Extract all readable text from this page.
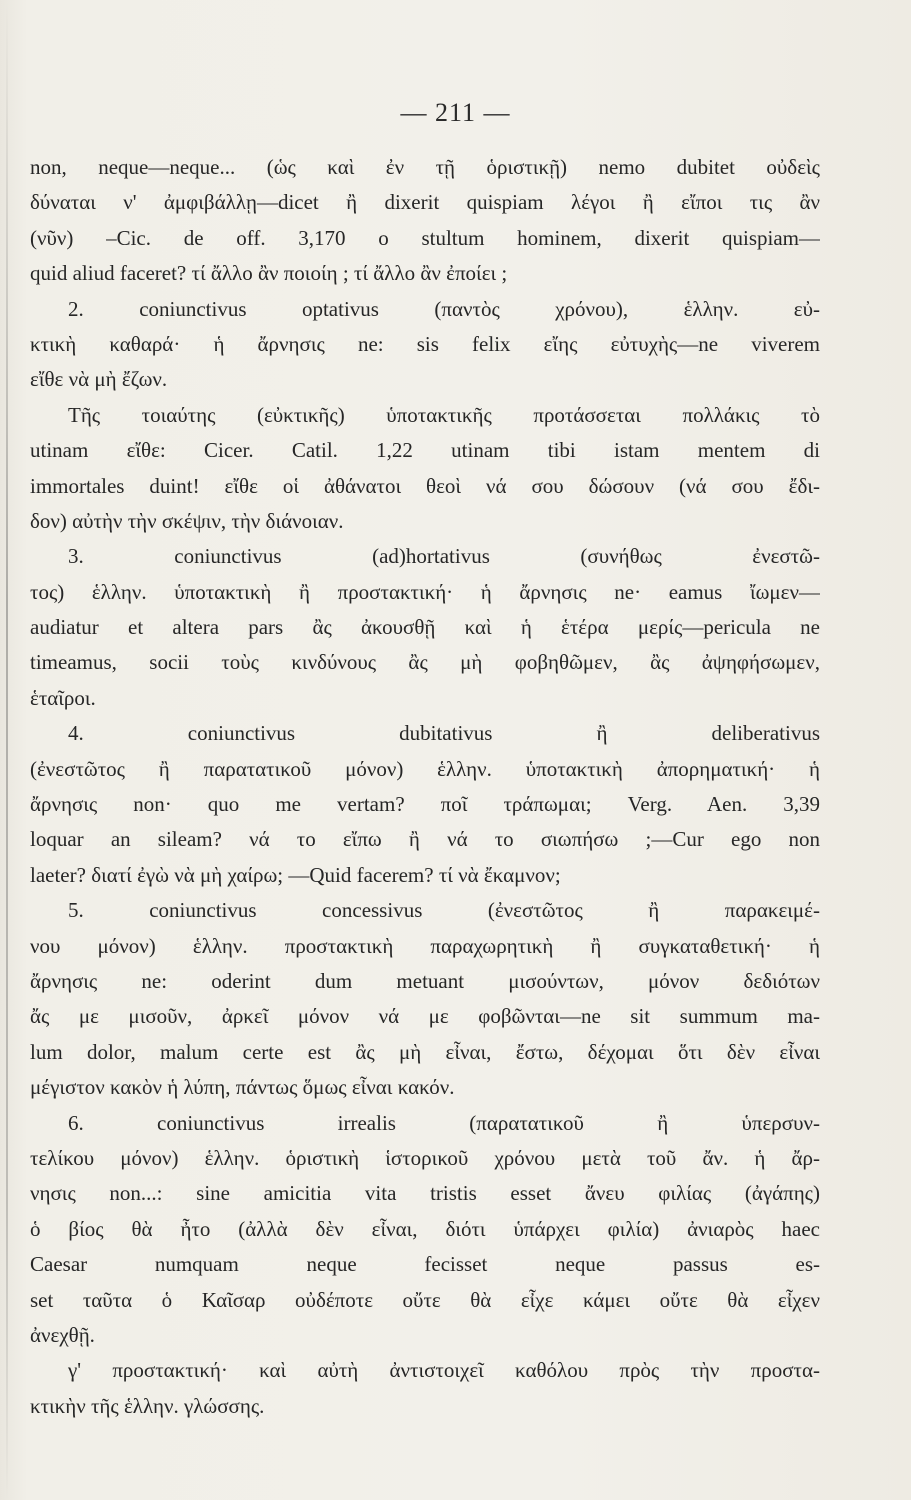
— 211 —
non, neque—neque... (ὡς καὶ ἐν τῇ ὁριστικῇ) nemo dubitet οὐδεὶς
δύναται ν' ἀμφιβάλλῃ—dicet ἢ dixerit quispiam λέγοι ἢ εἴποι τις ἂν
(νῦν) –Cic. de off. 3,170 o stultum hominem, dixerit quispiam—
quid aliud faceret? τί ἄλλο ἂν ποιοίη ; τί ἄλλο ἂν ἐποίει ;
2. coniunctivus optativus (παντὸς χρόνου), ἑλλην. εὐ-
κτικὴ καθαρά· ἡ ἄρνησις ne: sis felix εἴης εὐτυχὴς—ne viverem
εἴθε νὰ μὴ ἔζων.
Τῆς τοιαύτης (εὐκτικῆς) ὑποτακτικῆς προτάσσεται πολλάκις τὸ
utinam εἴθε: Cicer. Catil. 1,22 utinam tibi istam mentem di
immortales duint! εἴθε οἱ ἀθάνατοι θεοὶ νά σου δώσουν (νά σου ἔδι-
δον) αὐτὴν τὴν σκέψιν, τὴν διάνοιαν.
3. coniunctivus (ad)hortativus (συνήθως ἐνεστῶ-
τος) ἑλλην. ὑποτακτικὴ ἢ προστακτική· ἡ ἄρνησις ne· eamus ἴωμεν—
audiatur et altera pars ἂς ἀκουσθῇ καὶ ἡ ἑτέρα μερίς—pericula ne
timeamus, socii τοὺς κινδύνους ἂς μὴ φοβηθῶμεν, ἂς ἀψηφήσωμεν,
ἑταῖροι.
4. coniunctivus dubitativus ἢ deliberativus
(ἐνεστῶτος ἢ παρατατικοῦ μόνον) ἑλλην. ὑποτακτικὴ ἀπορηματική· ἡ
ἄρνησις non· quo me vertam? ποῖ τράπωμαι; Verg. Aen. 3,39
loquar an sileam? νά το εἴπω ἢ νά το σιωπήσω ;—Cur ego non
laeter? διατί ἐγὼ νὰ μὴ χαίρω; —Quid facerem? τί νὰ ἔκαμνον;
5. coniunctivus concessivus (ἐνεστῶτος ἢ παρακειμέ-
νου μόνον) ἑλλην. προστακτικὴ παραχωρητικὴ ἢ συγκαταθετική· ἡ
ἄρνησις ne: oderint dum metuant μισούντων, μόνον δεδιότων
ἄς με μισοῦν, ἀρκεῖ μόνον νά με φοβῶνται—ne sit summum ma-
lum dolor, malum certe est ἂς μὴ εἶναι, ἔστω, δέχομαι ὅτι δὲν εἶναι
μέγιστον κακὸν ἡ λύπη, πάντως ὅμως εἶναι κακόν.
6. coniunctivus irrealis (παρατατικοῦ ἢ ὑπερσυν-
τελίκου μόνον) ἑλλην. ὁριστικὴ ἱστορικοῦ χρόνου μετὰ τοῦ ἄν. ἡ ἄρ-
νησις non...: sine amicitia vita tristis esset ἄνευ φιλίας (ἀγάπης)
ὁ βίος θὰ ἦτο (ἀλλὰ δὲν εἶναι, διότι ὑπάρχει φιλία) ἀνιαρὸς haec
Caesar numquam neque fecisset neque passus es-
set ταῦτα ὁ Καῖσαρ οὐδέποτε οὔτε θὰ εἶχε κάμει οὔτε θὰ εἶχεν
ἀνεχθῇ.
γ' προστακτική· καὶ αὐτὴ ἀντιστοιχεῖ καθόλου πρὸς τὴν προστα-
κτικὴν τῆς ἑλλην. γλώσσης.
